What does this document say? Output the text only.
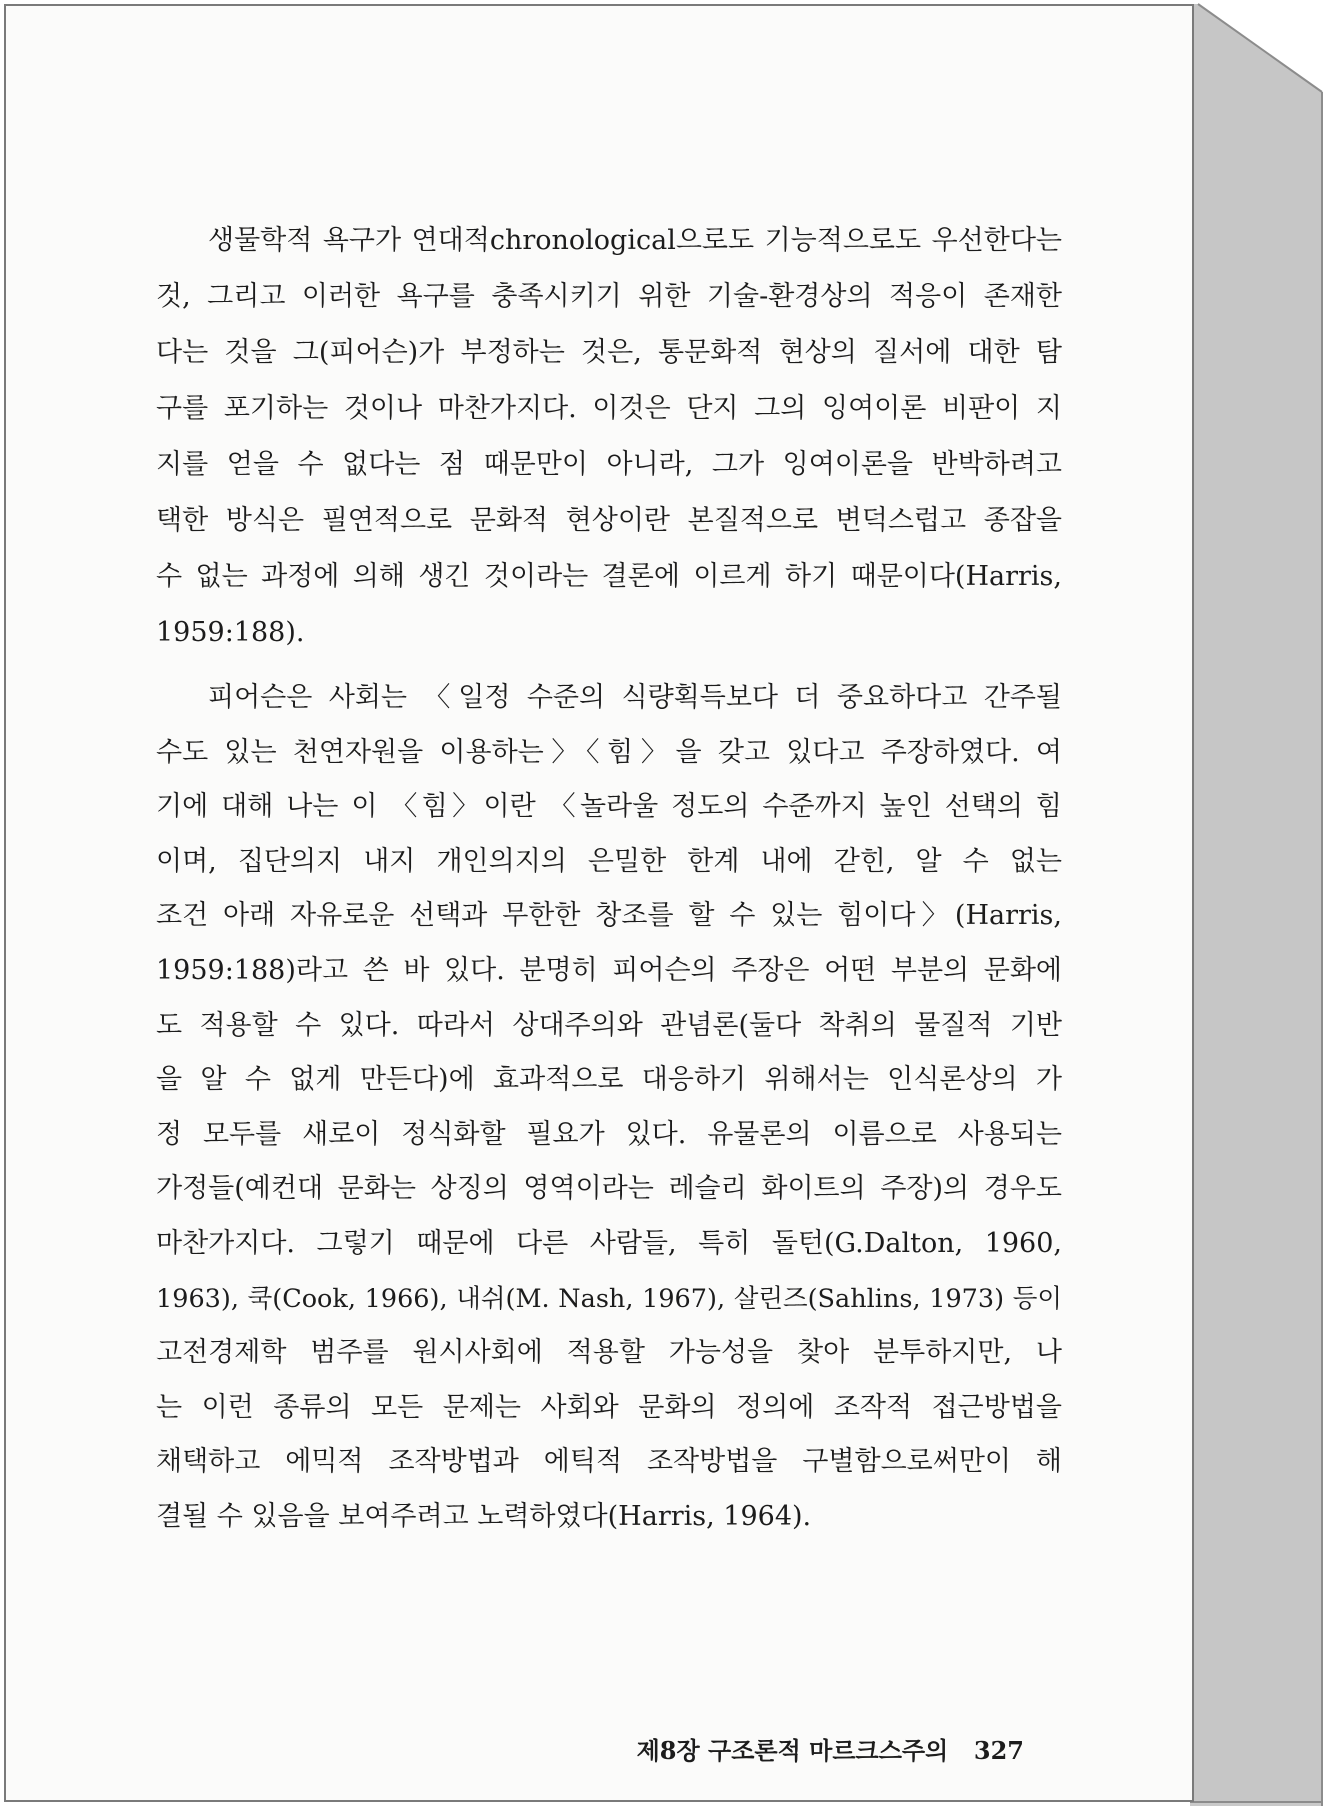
생물학적 욕구가 연대적chronological으로도 기능적으로도 우선한다는
것, 그리고 이러한 욕구를 충족시키기 위한 기술-환경상의 적응이 존재한
다는 것을 그(피어슨)가 부정하는 것은, 통문화적 현상의 질서에 대한 탐
구를 포기하는 것이나 마찬가지다. 이것은 단지 그의 잉여이론 비판이 지
지를 얻을 수 없다는 점 때문만이 아니라, 그가 잉여이론을 반박하려고
택한 방식은 필연적으로 문화적 현상이란 본질적으로 변덕스럽고 종잡을
수 없는 과정에 의해 생긴 것이라는 결론에 이르게 하기 때문이다(Harris,
1959:188).
피어슨은 사회는 〈일정 수준의 식량획득보다 더 중요하다고 간주될
수도 있는 천연자원을 이용하는〉〈힘〉을 갖고 있다고 주장하였다. 여
기에 대해 나는 이 〈힘〉이란 〈놀라울 정도의 수준까지 높인 선택의 힘
이며, 집단의지 내지 개인의지의 은밀한 한계 내에 갇힌, 알 수 없는
조건 아래 자유로운 선택과 무한한 창조를 할 수 있는 힘이다〉(Harris,
1959:188)라고 쓴 바 있다. 분명히 피어슨의 주장은 어떤 부분의 문화에
도 적용할 수 있다. 따라서 상대주의와 관념론(둘다 착취의 물질적 기반
을 알 수 없게 만든다)에 효과적으로 대응하기 위해서는 인식론상의 가
정 모두를 새로이 정식화할 필요가 있다. 유물론의 이름으로 사용되는
가정들(예컨대 문화는 상징의 영역이라는 레슬리 화이트의 주장)의 경우도
마찬가지다. 그렇기 때문에 다른 사람들, 특히 돌턴(G.Dalton, 1960,
1963), 쿡(Cook, 1966), 내쉬(M. Nash, 1967), 살린즈(Sahlins, 1973) 등이
고전경제학 범주를 원시사회에 적용할 가능성을 찾아 분투하지만, 나
는 이런 종류의 모든 문제는 사회와 문화의 정의에 조작적 접근방법을
채택하고 에믹적 조작방법과 에틱적 조작방법을 구별함으로써만이 해
결될 수 있음을 보여주려고 노력하였다(Harris, 1964).
제8장 구조론적 마르크스주의 327
